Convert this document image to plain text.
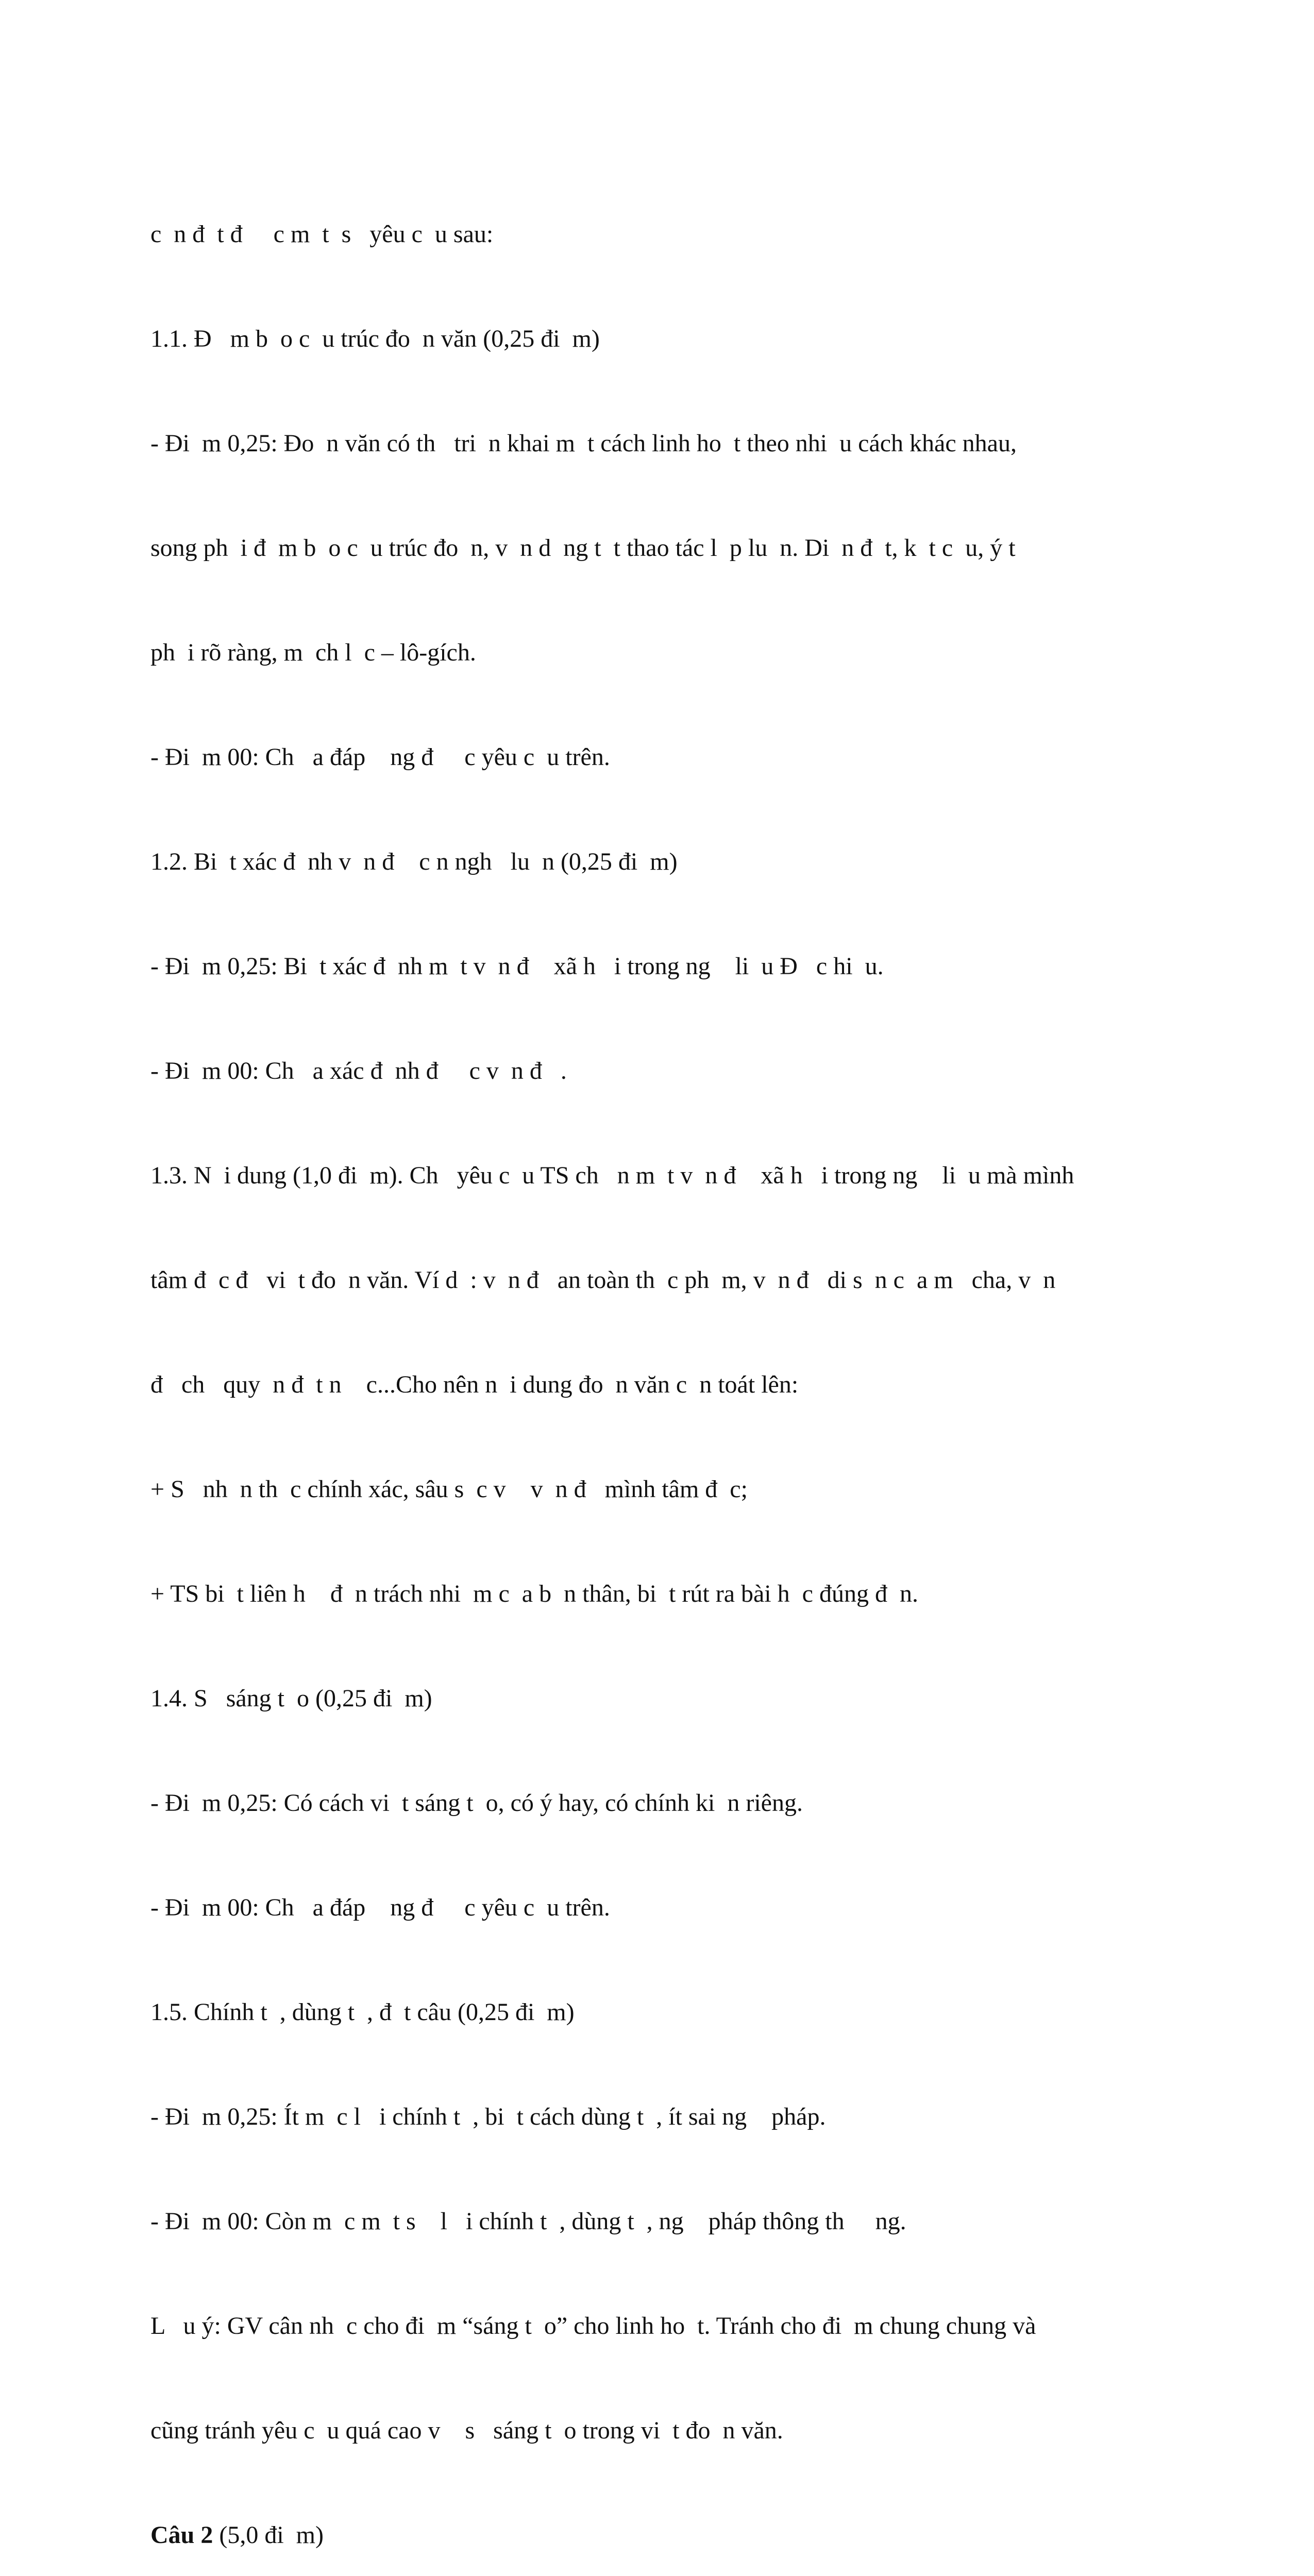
c  n đ  t đ     c m  t  s   yêu c  u sau:

1.1. Đ   m b  o c  u trúc đo  n văn (0,25 đi  m)

- Đi  m 0,25: Đo  n văn có th   tri  n khai m  t cách linh ho  t theo nhi  u cách khác nhau,

song ph  i đ  m b  o c  u trúc đo  n, v  n d  ng t  t thao tác l  p lu  n. Di  n đ  t, k  t c  u, ý t

ph  i rõ ràng, m  ch l  c – lô-gích.

- Đi  m 00: Ch   a đáp    ng đ     c yêu c  u trên.

1.2. Bi  t xác đ  nh v  n đ    c n ngh   lu  n (0,25 đi  m)

- Đi  m 0,25: Bi  t xác đ  nh m  t v  n đ    xã h   i trong ng    li  u Đ   c hi  u.

- Đi  m 00: Ch   a xác đ  nh đ     c v  n đ   .

1.3. N  i dung (1,0 đi  m). Ch   yêu c  u TS ch   n m  t v  n đ    xã h   i trong ng    li  u mà mình

tâm đ  c đ   vi  t đo  n văn. Ví d  : v  n đ   an toàn th  c ph  m, v  n đ   di s  n c  a m   cha, v  n

đ   ch   quy  n đ  t n    c...Cho nên n  i dung đo  n văn c  n toát lên:

+ S   nh  n th  c chính xác, sâu s  c v    v  n đ   mình tâm đ  c;

+ TS bi  t liên h    đ  n trách nhi  m c  a b  n thân, bi  t rút ra bài h  c đúng đ  n.

1.4. S   sáng t  o (0,25 đi  m)

- Đi  m 0,25: Có cách vi  t sáng t  o, có ý hay, có chính ki  n riêng.

- Đi  m 00: Ch   a đáp    ng đ     c yêu c  u trên.

1.5. Chính t  , dùng t  , đ  t câu (0,25 đi  m)

- Đi  m 0,25: Ít m  c l   i chính t  , bi  t cách dùng t  , ít sai ng    pháp.

- Đi  m 00: Còn m  c m  t s    l   i chính t  , dùng t  , ng    pháp thông th     ng.

L   u ý: GV cân nh  c cho đi  m “sáng t  o” cho linh ho  t. Tránh cho đi  m chung chung và

cũng tránh yêu c  u quá cao v    s   sáng t  o trong vi  t đo  n văn.

Câu 2 (5,0 đi  m)
